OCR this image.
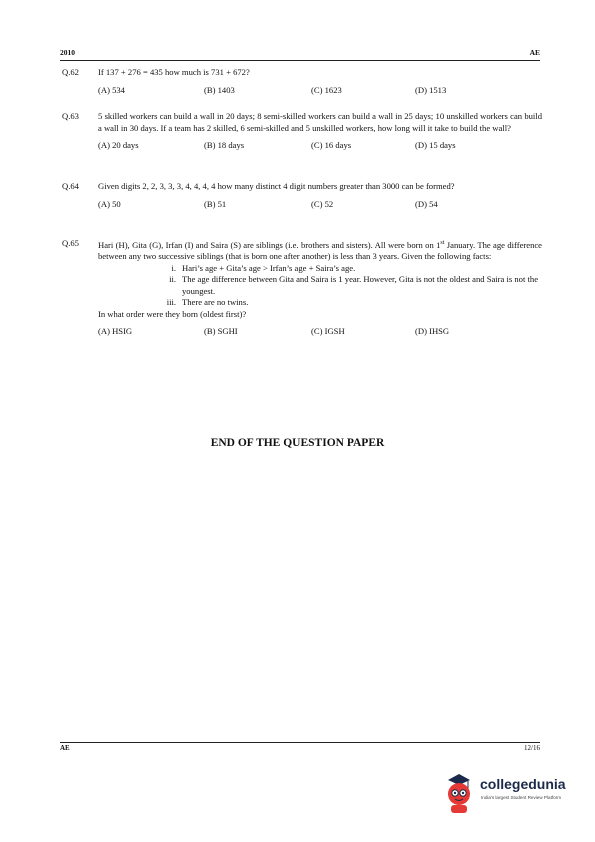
2010	AE
Q.62	If 137 + 276 = 435 how much is 731 + 672?
(A) 534	(B) 1403	(C) 1623	(D) 1513
Q.63	5 skilled workers can build a wall in 20 days; 8 semi-skilled workers can build a wall in 25 days; 10 unskilled workers can build a wall in 30 days. If a team has 2 skilled, 6 semi-skilled and 5 unskilled workers, how long will it take to build the wall?
(A) 20 days	(B) 18 days	(C) 16 days	(D) 15 days
Q.64	Given digits 2, 2, 3, 3, 3, 4, 4, 4, 4 how many distinct 4 digit numbers greater than 3000 can be formed?
(A) 50	(B) 51	(C) 52	(D) 54
Q.65	Hari (H), Gita (G), Irfan (I) and Saira (S) are siblings (i.e. brothers and sisters). All were born on 1st January. The age difference between any two successive siblings (that is born one after another) is less than 3 years. Given the following facts:
i. Hari’s age + Gita’s age > Irfan’s age + Saira’s age.
ii. The age difference between Gita and Saira is 1 year. However, Gita is not the oldest and Saira is not the youngest.
iii. There are no twins.
In what order were they born (oldest first)?
(A) HSIG	(B) SGHI	(C) IGSH	(D) IHSG
END OF THE QUESTION PAPER
AE	12/16
collegedunia
India's largest Student Review Platform
